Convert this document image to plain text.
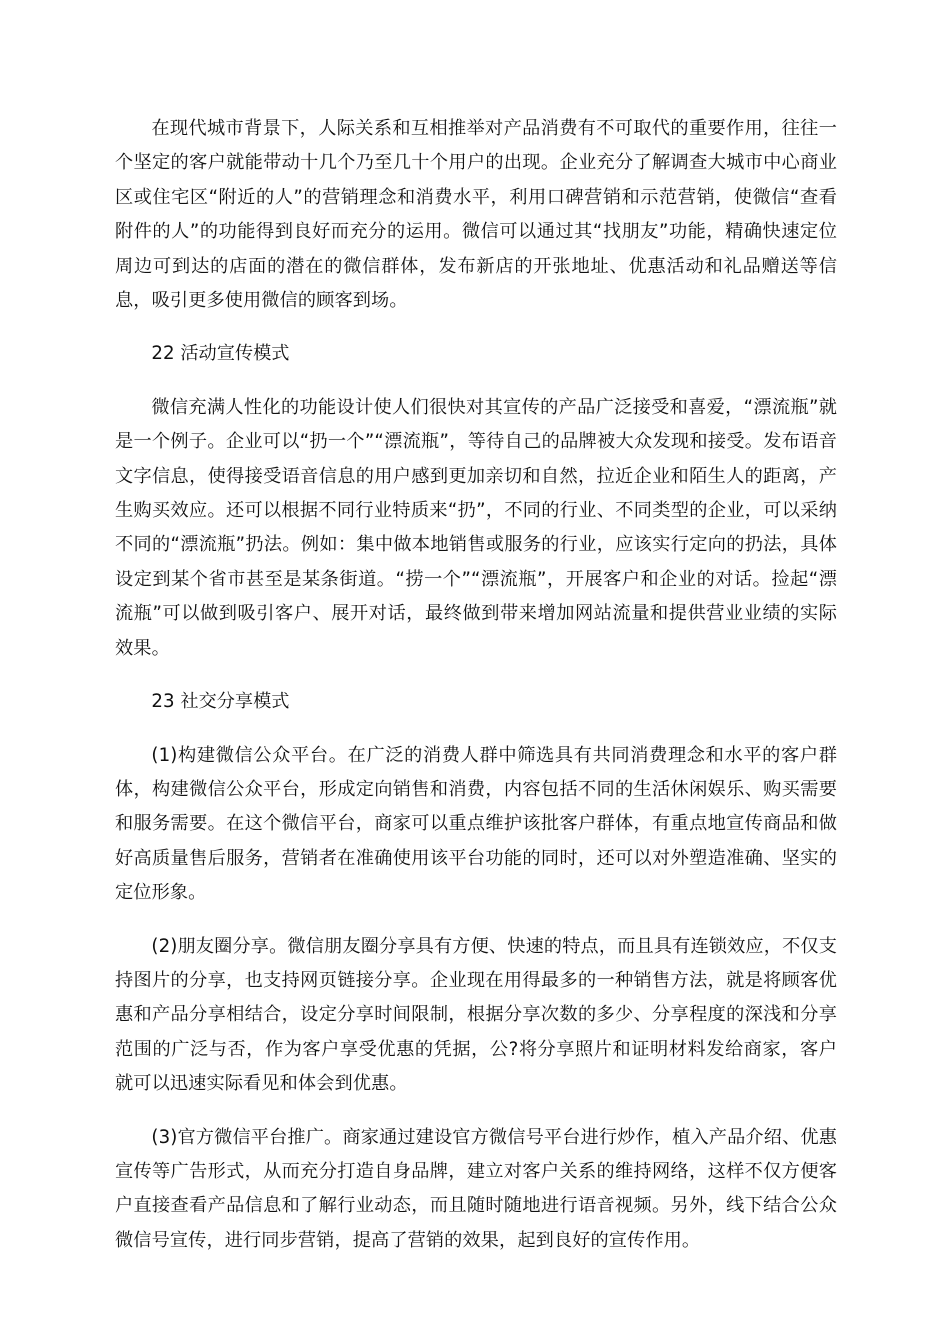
在现代城市背景下，人际关系和互相推举对产品消费有不可取代的重要作用，往往一个坚定的客户就能带动十几个乃至几十个用户的出现。企业充分了解调查大城市中心商业区或住宅区“附近的人”的营销理念和消费水平，利用口碑营销和示范营销，使微信“查看附件的人”的功能得到良好而充分的运用。微信可以通过其“找朋友”功能，精确快速定位周边可到达的店面的潜在的微信群体，发布新店的开张地址、优惠活动和礼品赠送等信息，吸引更多使用微信的顾客到场。

22 活动宣传模式

微信充满人性化的功能设计使人们很快对其宣传的产品广泛接受和喜爱，“漂流瓶”就是一个例子。企业可以“扔一个”“漂流瓶”，等待自己的品牌被大众发现和接受。发布语音文字信息，使得接受语音信息的用户感到更加亲切和自然，拉近企业和陌生人的距离，产生购买效应。还可以根据不同行业特质来“扔”，不同的行业、不同类型的企业，可以采纳不同的“漂流瓶”扔法。例如：集中做本地销售或服务的行业，应该实行定向的扔法，具体设定到某个省市甚至是某条街道。“捞一个”“漂流瓶”，开展客户和企业的对话。捡起“漂流瓶”可以做到吸引客户、展开对话，最终做到带来增加网站流量和提供营业业绩的实际效果。

23 社交分享模式

(1)构建微信公众平台。在广泛的消费人群中筛选具有共同消费理念和水平的客户群体，构建微信公众平台，形成定向销售和消费，内容包括不同的生活休闲娱乐、购买需要和服务需要。在这个微信平台，商家可以重点维护该批客户群体，有重点地宣传商品和做好高质量售后服务，营销者在准确使用该平台功能的同时，还可以对外塑造准确、坚实的定位形象。

(2)朋友圈分享。微信朋友圈分享具有方便、快速的特点，而且具有连锁效应，不仅支持图片的分享，也支持网页链接分享。企业现在用得最多的一种销售方法，就是将顾客优惠和产品分享相结合，设定分享时间限制，根据分享次数的多少、分享程度的深浅和分享范围的广泛与否，作为客户享受优惠的凭据，公?将分享照片和证明材料发给商家，客户就可以迅速实际看见和体会到优惠。

(3)官方微信平台推广。商家通过建设官方微信号平台进行炒作，植入产品介绍、优惠宣传等广告形式，从而充分打造自身品牌，建立对客户关系的维持网络，这样不仅方便客户直接查看产品信息和了解行业动态，而且随时随地进行语音视频。另外，线下结合公众微信号宣传，进行同步营销，提高了营销的效果，起到良好的宣传作用。
